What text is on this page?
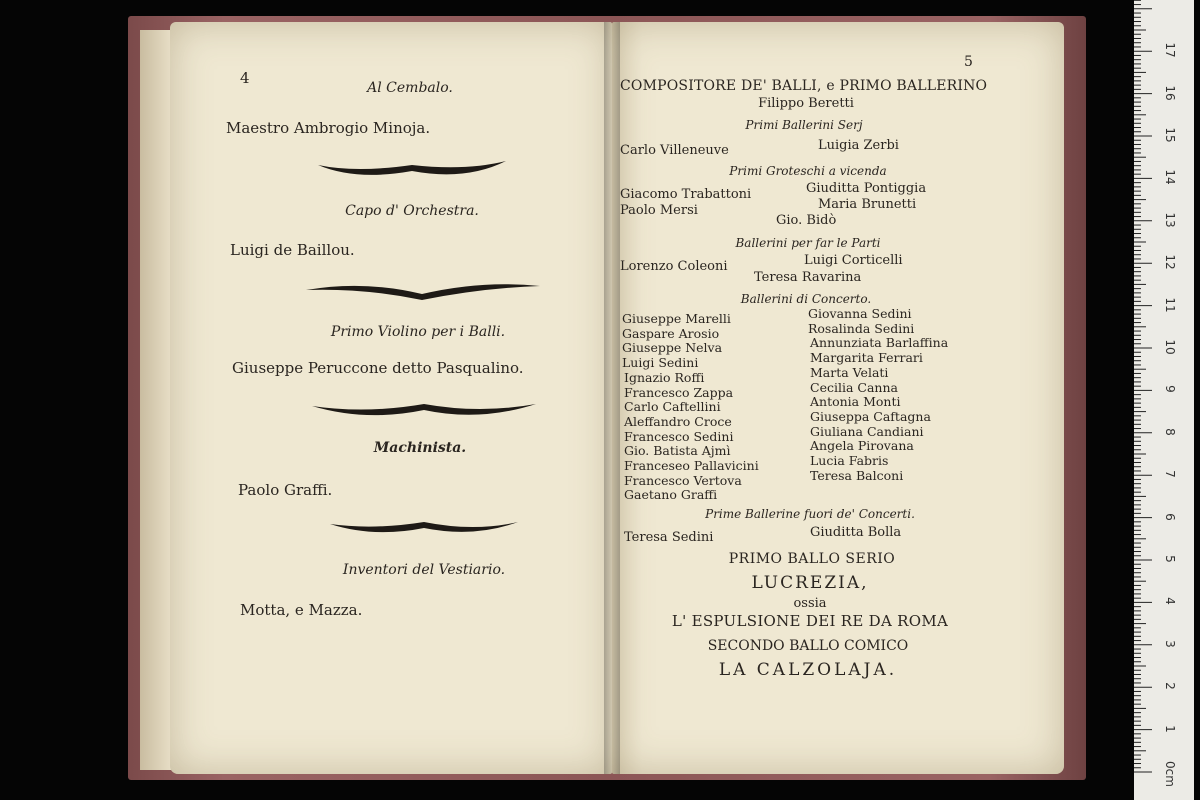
4
Al Cembalo.
Maestro Ambrogio Minoja.
Capo d' Orchestra.
Luigi de Baillou.
Primo Violino per i Balli.
Giuseppe Peruccone detto Pasqualino.
Machinista.
Paolo Graffi.
Inventori del Vestiario.
Motta, e Mazza.
5
COMPOSITORE DE' BALLI, e PRIMO BALLERINO
Filippo Beretti
Primi Ballerini Serj
Carlo Villeneuve	Luigia Zerbi
Primi Groteschi a vicenda
Giacomo Trabattoni
Paolo Mersi
Giuditta Pontiggia
Maria Brunetti
Gio. Bidò
Ballerini per far le Parti
Lorenzo Coleoni	Luigi Corticelli
Teresa Ravarina
Ballerini di Concerto.
Giuseppe Marelli
Gaspare Arosio
Giuseppe Nelva
Luigi Sedini
Ignazio Roffi
Francesco Zappa
Carlo Caftellini
Aleffandro Croce
Francesco Sedini
Gio. Batista Ajmì
Franceseo Pallavicini
Francesco Vertova
Gaetano Graffi
Giovanna Sedini
Rosalinda Sedini
Annunziata Barlaffina
Margarita Ferrari
Marta Velati
Cecilia Canna
Antonia Monti
Giuseppa Caftagna
Giuliana Candiani
Angela Pirovana
Lucia Fabris
Teresa Balconi
Prime Ballerine fuori de' Concerti.
Teresa Sedini	Giuditta Bolla
PRIMO BALLO SERIO
LUCREZIA,
ossia
L' ESPULSIONE DEI RE DA ROMA
SECONDO BALLO COMICO
LA CALZOLAJA.
0cm
1
2
3
4
5
6
7
8
9
10
11
12
13
14
15
16
17
